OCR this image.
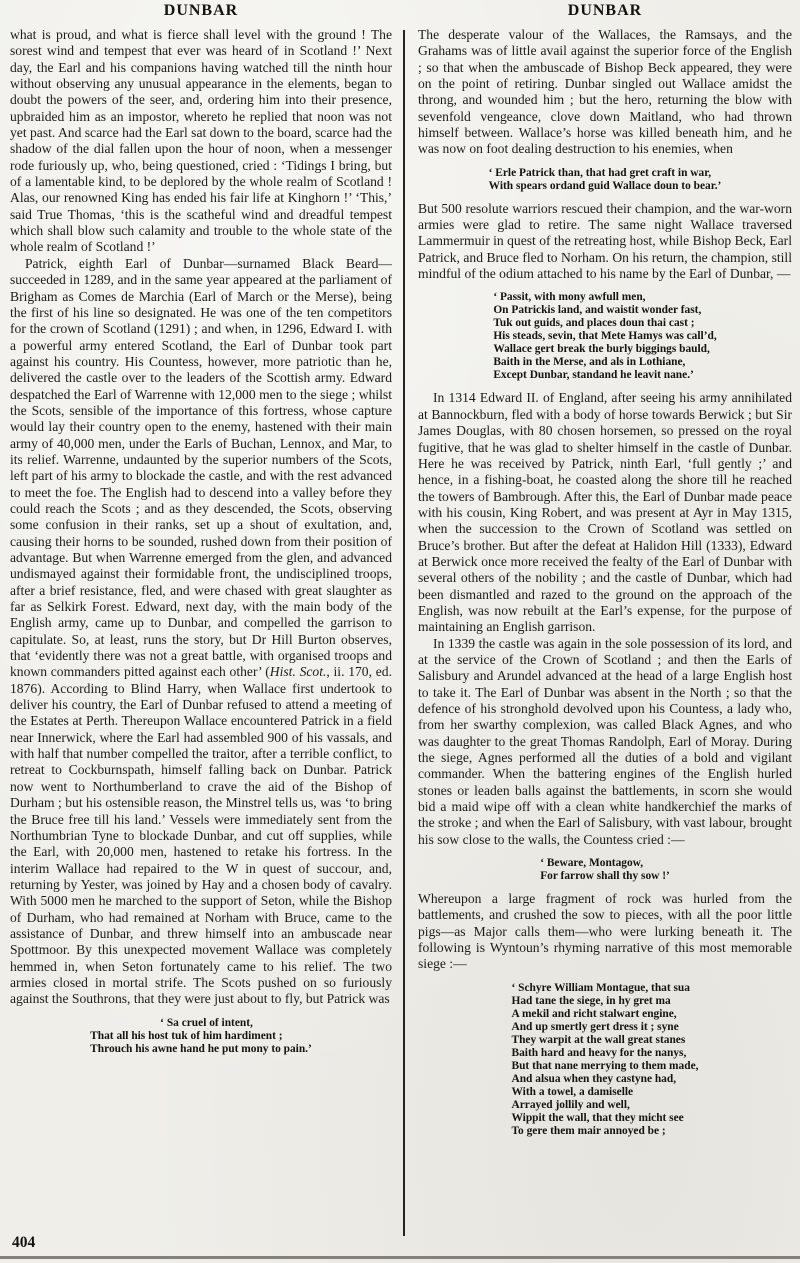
DUNBAR	DUNBAR

what is proud, and what is fierce shall level with the ground ! The sorest wind and tempest that ever was heard of in Scotland !’ Next day, the Earl and his companions having watched till the ninth hour without observing any unusual appearance in the elements, began to doubt the powers of the seer, and, ordering him into their presence, upbraided him as an impostor, whereto he replied that noon was not yet past. And scarce had the Earl sat down to the board, scarce had the shadow of the dial fallen upon the hour of noon, when a messenger rode furiously up, who, being questioned, cried : ‘Tidings I bring, but of a lamentable kind, to be deplored by the whole realm of Scotland ! Alas, our renowned King has ended his fair life at Kinghorn !’ ‘This,’ said True Thomas, ‘this is the scatheful wind and dreadful tempest which shall blow such calamity and trouble to the whole state of the whole realm of Scotland !’

Patrick, eighth Earl of Dunbar—surnamed Black Beard—succeeded in 1289, and in the same year appeared at the parliament of Brigham as Comes de Marchia (Earl of March or the Merse), being the first of his line so designated. He was one of the ten competitors for the crown of Scotland (1291) ; and when, in 1296, Edward I. with a powerful army entered Scotland, the Earl of Dunbar took part against his country. His Countess, however, more patriotic than he, delivered the castle over to the leaders of the Scottish army. Edward despatched the Earl of Warrenne with 12,000 men to the siege ; whilst the Scots, sensible of the importance of this fortress, whose capture would lay their country open to the enemy, hastened with their main army of 40,000 men, under the Earls of Buchan, Lennox, and Mar, to its relief. Warrenne, undaunted by the superior numbers of the Scots, left part of his army to blockade the castle, and with the rest advanced to meet the foe. The English had to descend into a valley before they could reach the Scots ; and as they descended, the Scots, observing some confusion in their ranks, set up a shout of exultation, and, causing their horns to be sounded, rushed down from their position of advantage. But when Warrenne emerged from the glen, and advanced undismayed against their formidable front, the undisciplined troops, after a brief resistance, fled, and were chased with great slaughter as far as Selkirk Forest. Edward, next day, with the main body of the English army, came up to Dunbar, and compelled the garrison to capitulate. So, at least, runs the story, but Dr Hill Burton observes, that ‘evidently there was not a great battle, with organised troops and known commanders pitted against each other’ (Hist. Scot., ii. 170, ed. 1876). According to Blind Harry, when Wallace first undertook to deliver his country, the Earl of Dunbar refused to attend a meeting of the Estates at Perth. Thereupon Wallace encountered Patrick in a field near Innerwick, where the Earl had assembled 900 of his vassals, and with half that number compelled the traitor, after a terrible conflict, to retreat to Cockburnspath, himself falling back on Dunbar. Patrick now went to Northumberland to crave the aid of the Bishop of Durham ; but his ostensible reason, the Minstrel tells us, was ‘to bring the Bruce free till his land.’ Vessels were immediately sent from the Northumbrian Tyne to blockade Dunbar, and cut off supplies, while the Earl, with 20,000 men, hastened to retake his fortress. In the interim Wallace had repaired to the W in quest of succour, and, returning by Yester, was joined by Hay and a chosen body of cavalry. With 5000 men he marched to the support of Seton, while the Bishop of Durham, who had remained at Norham with Bruce, came to the assistance of Dunbar, and threw himself into an ambuscade near Spottmoor. By this unexpected movement Wallace was completely hemmed in, when Seton fortunately came to his relief. The two armies closed in mortal strife. The Scots pushed on so furiously against the Southrons, that they were just about to fly, but Patrick was

‘ Sa cruel of intent,
That all his host tuk of him hardiment ;
Throuch his awne hand he put mony to pain.’

The desperate valour of the Wallaces, the Ramsays, and the Grahams was of little avail against the superior force of the English ; so that when the ambuscade of Bishop Beck appeared, they were on the point of retiring. Dunbar singled out Wallace amidst the throng, and wounded him ; but the hero, returning the blow with sevenfold vengeance, clove down Maitland, who had thrown himself between. Wallace’s horse was killed beneath him, and he was now on foot dealing destruction to his enemies, when

‘ Erle Patrick than, that had gret craft in war,
With spears ordand guid Wallace doun to bear.’

But 500 resolute warriors rescued their champion, and the war-worn armies were glad to retire. The same night Wallace traversed Lammermuir in quest of the retreating host, while Bishop Beck, Earl Patrick, and Bruce fled to Norham. On his return, the champion, still mindful of the odium attached to his name by the Earl of Dunbar, —

‘ Passit, with mony awfull men,
On Patrickis land, and waistit wonder fast,
Tuk out guids, and places doun thai cast ;
His steads, sevin, that Mete Hamys was call’d,
Wallace gert break the burly biggings bauld,
Baith in the Merse, and als in Lothiane,
Except Dunbar, standand he leavit nane.’

In 1314 Edward II. of England, after seeing his army annihilated at Bannockburn, fled with a body of horse towards Berwick ; but Sir James Douglas, with 80 chosen horsemen, so pressed on the royal fugitive, that he was glad to shelter himself in the castle of Dunbar. Here he was received by Patrick, ninth Earl, ‘full gently ;’ and hence, in a fishing-boat, he coasted along the shore till he reached the towers of Bambrough. After this, the Earl of Dunbar made peace with his cousin, King Robert, and was present at Ayr in May 1315, when the succession to the Crown of Scotland was settled on Bruce’s brother. But after the defeat at Halidon Hill (1333), Edward at Berwick once more received the fealty of the Earl of Dunbar with several others of the nobility ; and the castle of Dunbar, which had been dismantled and razed to the ground on the approach of the English, was now rebuilt at the Earl’s expense, for the purpose of maintaining an English garrison.

In 1339 the castle was again in the sole possession of its lord, and at the service of the Crown of Scotland ; and then the Earls of Salisbury and Arundel advanced at the head of a large English host to take it. The Earl of Dunbar was absent in the North ; so that the defence of his stronghold devolved upon his Countess, a lady who, from her swarthy complexion, was called Black Agnes, and who was daughter to the great Thomas Randolph, Earl of Moray. During the siege, Agnes performed all the duties of a bold and vigilant commander. When the battering engines of the English hurled stones or leaden balls against the battlements, in scorn she would bid a maid wipe off with a clean white handkerchief the marks of the stroke ; and when the Earl of Salisbury, with vast labour, brought his sow close to the walls, the Countess cried :—

‘ Beware, Montagow,
For farrow shall thy sow !’

Whereupon a large fragment of rock was hurled from the battlements, and crushed the sow to pieces, with all the poor little pigs—as Major calls them—who were lurking beneath it. The following is Wyntoun’s rhyming narrative of this most memorable siege :—

‘ Schyre William Montague, that sua
Had tane the siege, in hy gret ma
A mekil and richt stalwart engine,
And up smertly gert dress it ; syne
They warpit at the wall great stanes
Baith hard and heavy for the nanys,
But that nane merrying to them made,
And alsua when they castyne had,
With a towel, a damiselle
Arrayed jollily and well,
Wippit the wall, that they micht see
To gere them mair annoyed be ;
404
